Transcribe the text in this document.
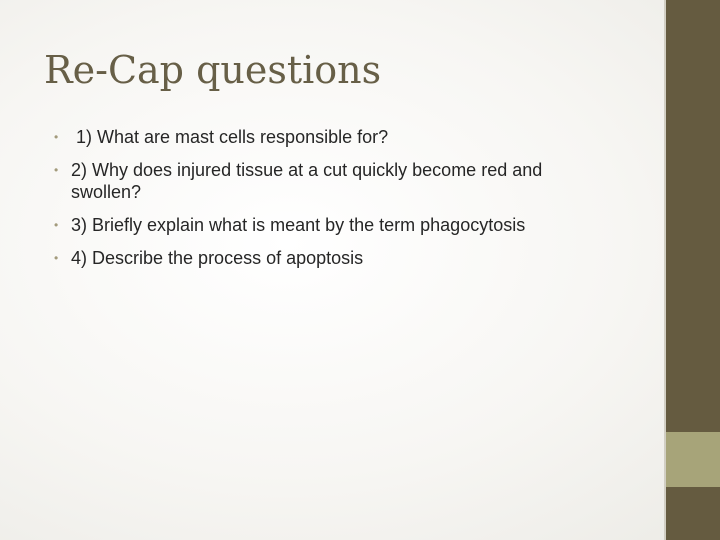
Re-Cap questions
• 1) What are mast cells responsible for?
• 2) Why does injured tissue at a cut quickly become red and swollen?
• 3) Briefly explain what is meant by the term phagocytosis
• 4) Describe the process of apoptosis
